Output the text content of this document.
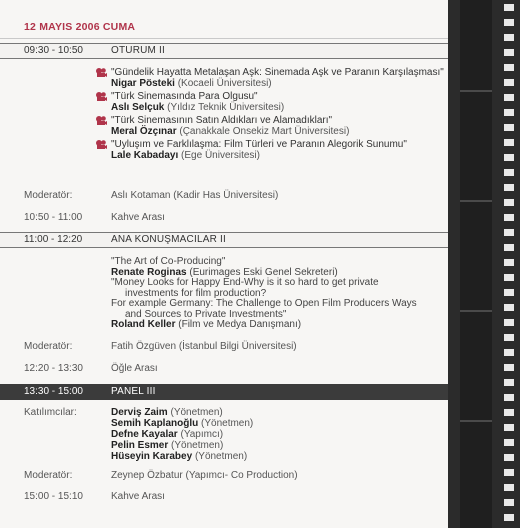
12 MAYIS 2006 CUMA
09:30 - 10:50	OTURUM II
"Gündelik Hayatta Metalaşan Aşk: Sinemada Aşk ve Paranın Karşılaşması"
Nigar Pösteki (Kocaeli Üniversitesi)
"Türk Sinemasında Para Olgusu"
Aslı Selçuk (Yıldız Teknik Üniversitesi)
"Türk Sinemasının Satın Aldıkları ve Alamadıkları"
Meral Özçınar (Çanakkale Onsekiz Mart Üniversitesi)
"Uyluşım ve Farklılaşma: Film Türleri ve Paranın Alegorik Sunumu"
Lale Kabadayı (Ege Üniversitesi)
Moderatör:	Aslı Kotaman (Kadir Has Üniversitesi)
10:50 - 11:00	Kahve Arası
11:00 - 12:20	ANA KONUŞMACILAR II
"The Art of Co-Producing"
Renate Roginas (Eurimages Eski Genel Sekreteri)
"Money Looks for Happy End-Why is it so hard to get private
investments for film production?
For example Germany: The Challenge to Open Film Producers Ways
and Sources to Private Investments"
Roland Keller (Film ve Medya Danışmanı)
Moderatör:	Fatih Özgüven (İstanbul Bilgi Üniversitesi)
12:20 - 13:30	Öğle Arası
13:30 - 15:00	PANEL III
Katılımcılar:	Derviş Zaim (Yönetmen)
Semih Kaplanoğlu (Yönetmen)
Defne Kayalar (Yapımcı)
Pelin Esmer (Yönetmen)
Hüseyin Karabey (Yönetmen)
Moderatör:	Zeynep Özbatur (Yapımcı- Co Production)
15:00 - 15:10	Kahve Arası
